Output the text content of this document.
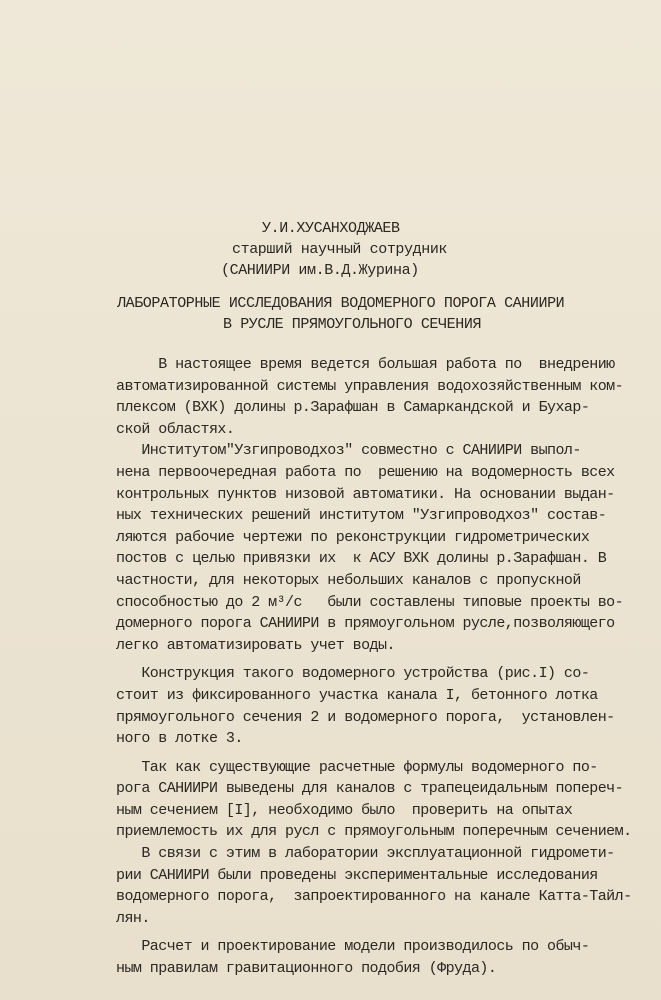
У.И.ХУСАНХОДЖАЕВ
старший научный сотрудник
(САНИИРИ им.В.Д.Журина)
ЛАБОРАТОРНЫЕ ИССЛЕДОВАНИЯ ВОДОМЕРНОГО ПОРОГА САНИИРИ
В РУСЛЕ ПРЯМОУГОЛЬНОГО СЕЧЕНИЯ
В настоящее время ведется большая работа по  внедрению
автоматизированной системы управления водохозяйственным ком-
плексом (ВХК) долины р.Зарафшан в Самаркандской и Бухар-
ской областях.
Институтом"Узгипроводхоз" совместно с САНИИРИ выпол-
нена первоочередная работа по  решению на водомерность всех
контрольных пунктов низовой автоматики. На основании выдан-
ных технических решений институтом "Узгипроводхоз" состав-
ляются рабочие чертежи по реконструкции гидрометрических
постов с целью привязки их  к АСУ ВХК долины р.Зарафшан. В
частности, для некоторых небольших каналов с пропускной
способностью до 2 м³/с   были составлены типовые проекты во-
домерного порога САНИИРИ в прямоугольном русле,позволяющего
легко автоматизировать учет воды.
Конструкция такого водомерного устройства (рис.I) со-
стоит из фиксированного участка канала I, бетонного лотка
прямоугольного сечения 2 и водомерного порога,  установлен-
ного в лотке 3.
Так как существующие расчетные формулы водомерного по-
рога САНИИРИ выведены для каналов с трапецеидальным попереч-
ным сечением [I], необходимо было  проверить на опытах
приемлемость их для русл с прямоугольным поперечным сечением.
В связи с этим в лаборатории эксплуатационной гидромети-
рии САНИИРИ были проведены экспериментальные исследования
водомерного порога,  запроектированного на канале Катта-Тайл-
лян.
Расчет и проектирование модели производилось по обыч-
ным правилам гравитационного подобия (Фруда).
